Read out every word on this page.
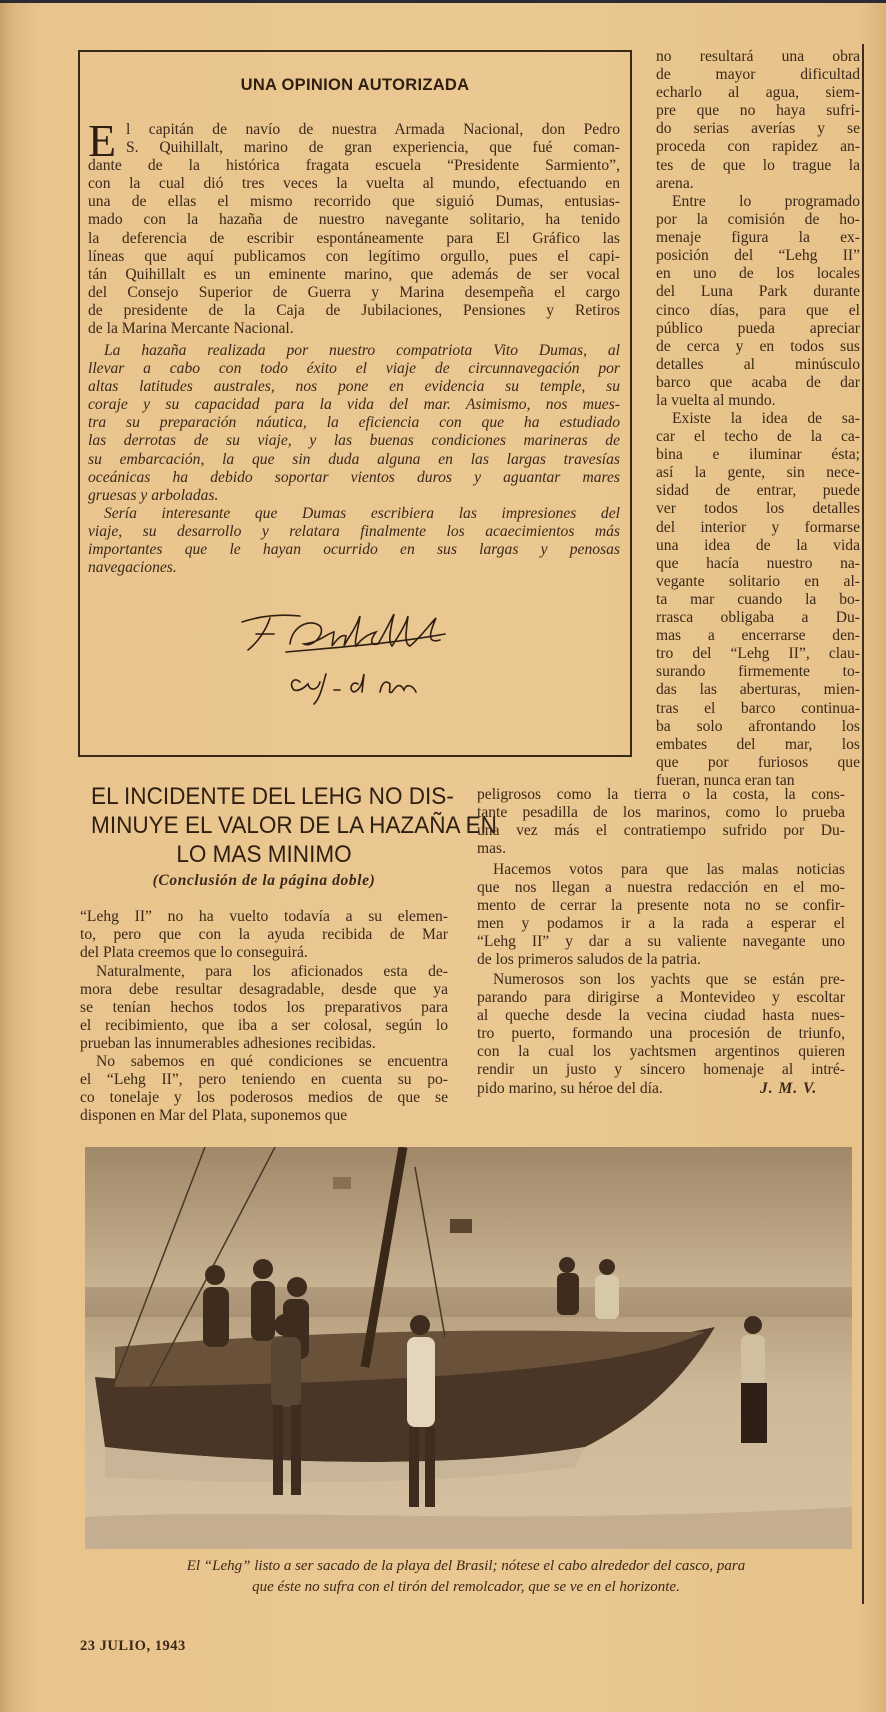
UNA OPINION AUTORIZADA
E l capitán de navío de nuestra Armada Nacional, don Pedro
S. Quihillalt, marino de gran experiencia, que fué coman-
dante de la histórica fragata escuela “Presidente Sarmiento”,
con la cual dió tres veces la vuelta al mundo, efectuando en
una de ellas el mismo recorrido que siguió Dumas, entusias-
mado con la hazaña de nuestro navegante solitario, ha tenido
la deferencia de escribir espontáneamente para El Gráfico las
líneas que aquí publicamos con legítimo orgullo, pues el capi-
tán Quihillalt es un eminente marino, que además de ser vocal
del Consejo Superior de Guerra y Marina desempeña el cargo
de presidente de la Caja de Jubilaciones, Pensiones y Retiros
de la Marina Mercante Nacional.
La hazaña realizada por nuestro compatriota Vito Dumas, al
llevar a cabo con todo éxito el viaje de circunnavegación por
altas latitudes australes, nos pone en evidencia su temple, su
coraje y su capacidad para la vida del mar. Asimismo, nos mues-
tra su preparación náutica, la eficiencia con que ha estudiado
las derrotas de su viaje, y las buenas condiciones marineras de
su embarcación, la que sin duda alguna en las largas travesías
oceánicas ha debido soportar vientos duros y aguantar mares
gruesas y arboladas.
Sería interesante que Dumas escribiera las impresiones del
viaje, su desarrollo y relatara finalmente los acaecimientos más
importantes que le hayan ocurrido en sus largas y penosas
navegaciones.
no resultará una obra
de mayor dificultad
echarlo al agua, siem-
pre que no haya sufri-
do serias averías y se
proceda con rapidez an-
tes de que lo trague la
arena.
Entre lo programado
por la comisión de ho-
menaje figura la ex-
posición del “Lehg II”
en uno de los locales
del Luna Park durante
cinco días, para que el
público pueda apreciar
de cerca y en todos sus
detalles al minúsculo
barco que acaba de dar
la vuelta al mundo.
Existe la idea de sa-
car el techo de la ca-
bina e iluminar ésta;
así la gente, sin nece-
sidad de entrar, puede
ver todos los detalles
del interior y formarse
una idea de la vida
que hacía nuestro na-
vegante solitario en al-
ta mar cuando la bo-
rrasca obligaba a Du-
mas a encerrarse den-
tro del “Lehg II”, clau-
surando firmemente to-
das las aberturas, mien-
tras el barco continua-
ba solo afrontando los
embates del mar, los
que por furiosos que
fueran, nunca eran tan
EL INCIDENTE DEL LEHG NO DIS-
MINUYE EL VALOR DE LA HAZAÑA EN
LO MAS MINIMO
(Conclusión de la página doble)
“Lehg II” no ha vuelto todavía a su elemen-
to, pero que con la ayuda recibida de Mar
del Plata creemos que lo conseguirá.
Naturalmente, para los aficionados esta de-
mora debe resultar desagradable, desde que ya
se tenían hechos todos los preparativos para
el recibimiento, que iba a ser colosal, según lo
prueban las innumerables adhesiones recibidas.
No sabemos en qué condiciones se encuentra
el “Lehg II”, pero teniendo en cuenta su po-
co tonelaje y los poderosos medios de que se
disponen en Mar del Plata, suponemos que
peligrosos como la tierra o la costa, la cons-
tante pesadilla de los marinos, como lo prueba
una vez más el contratiempo sufrido por Du-
mas.
Hacemos votos para que las malas noticias
que nos llegan a nuestra redacción en el mo-
mento de cerrar la presente nota no se confir-
men y podamos ir a la rada a esperar el
“Lehg II” y dar a su valiente navegante uno
de los primeros saludos de la patria.
Numerosos son los yachts que se están pre-
parando para dirigirse a Montevideo y escoltar
al queche desde la vecina ciudad hasta nues-
tro puerto, formando una procesión de triunfo,
con la cual los yachtsmen argentinos quieren
rendir un justo y sincero homenaje al intré-
pido marino, su héroe del día.	J. M. V.
El “Lehg” listo a ser sacado de la playa del Brasil; nótese el cabo alrededor del casco, para
que éste no sufra con el tirón del remolcador, que se ve en el horizonte.
23 JULIO, 1943
